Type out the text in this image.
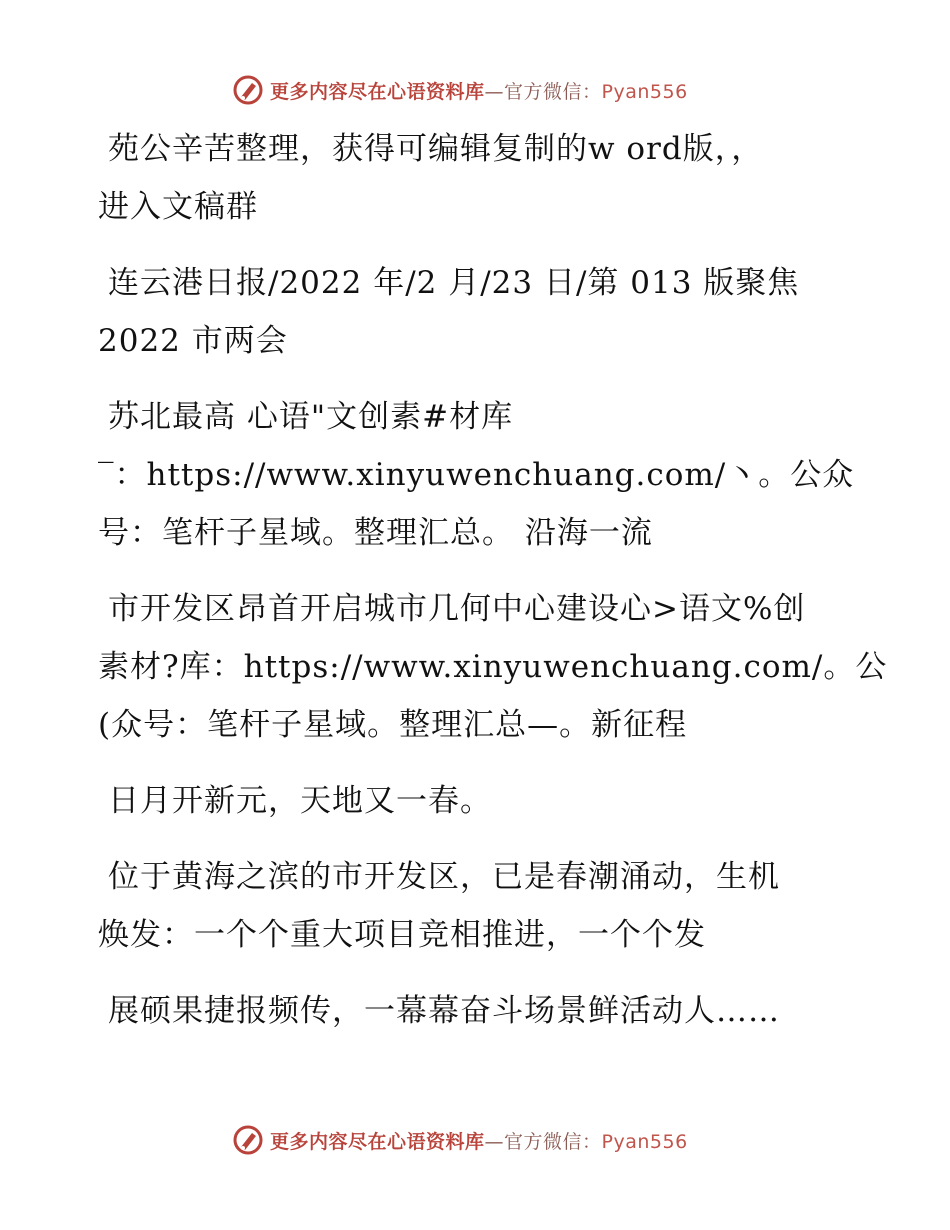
更多内容尽在心语资料库—官方微信：Pyan556
苑公辛苦整理，获得可编辑复制的w ord版，，
进入文稿群
连云港日报/2022 年/2 月/23 日/第 013 版聚焦
2022 市两会
苏北最高 心语"文创素#材库
‾：https://www.xinyuwenchuang.com/丶。公众
号：笔杆子星域。整理汇总。 沿海一流
市开发区昂首开启城市几何中心建设心>语文%创
素材?库：https://www.xinyuwenchuang.com/。公
(众号：笔杆子星域。整理汇总—。新征程
日月开新元，天地又一春。
位于黄海之滨的市开发区，已是春潮涌动，生机
焕发：一个个重大项目竞相推进，一个个发
展硕果捷报频传，一幕幕奋斗场景鲜活动人……
更多内容尽在心语资料库—官方微信：Pyan556
